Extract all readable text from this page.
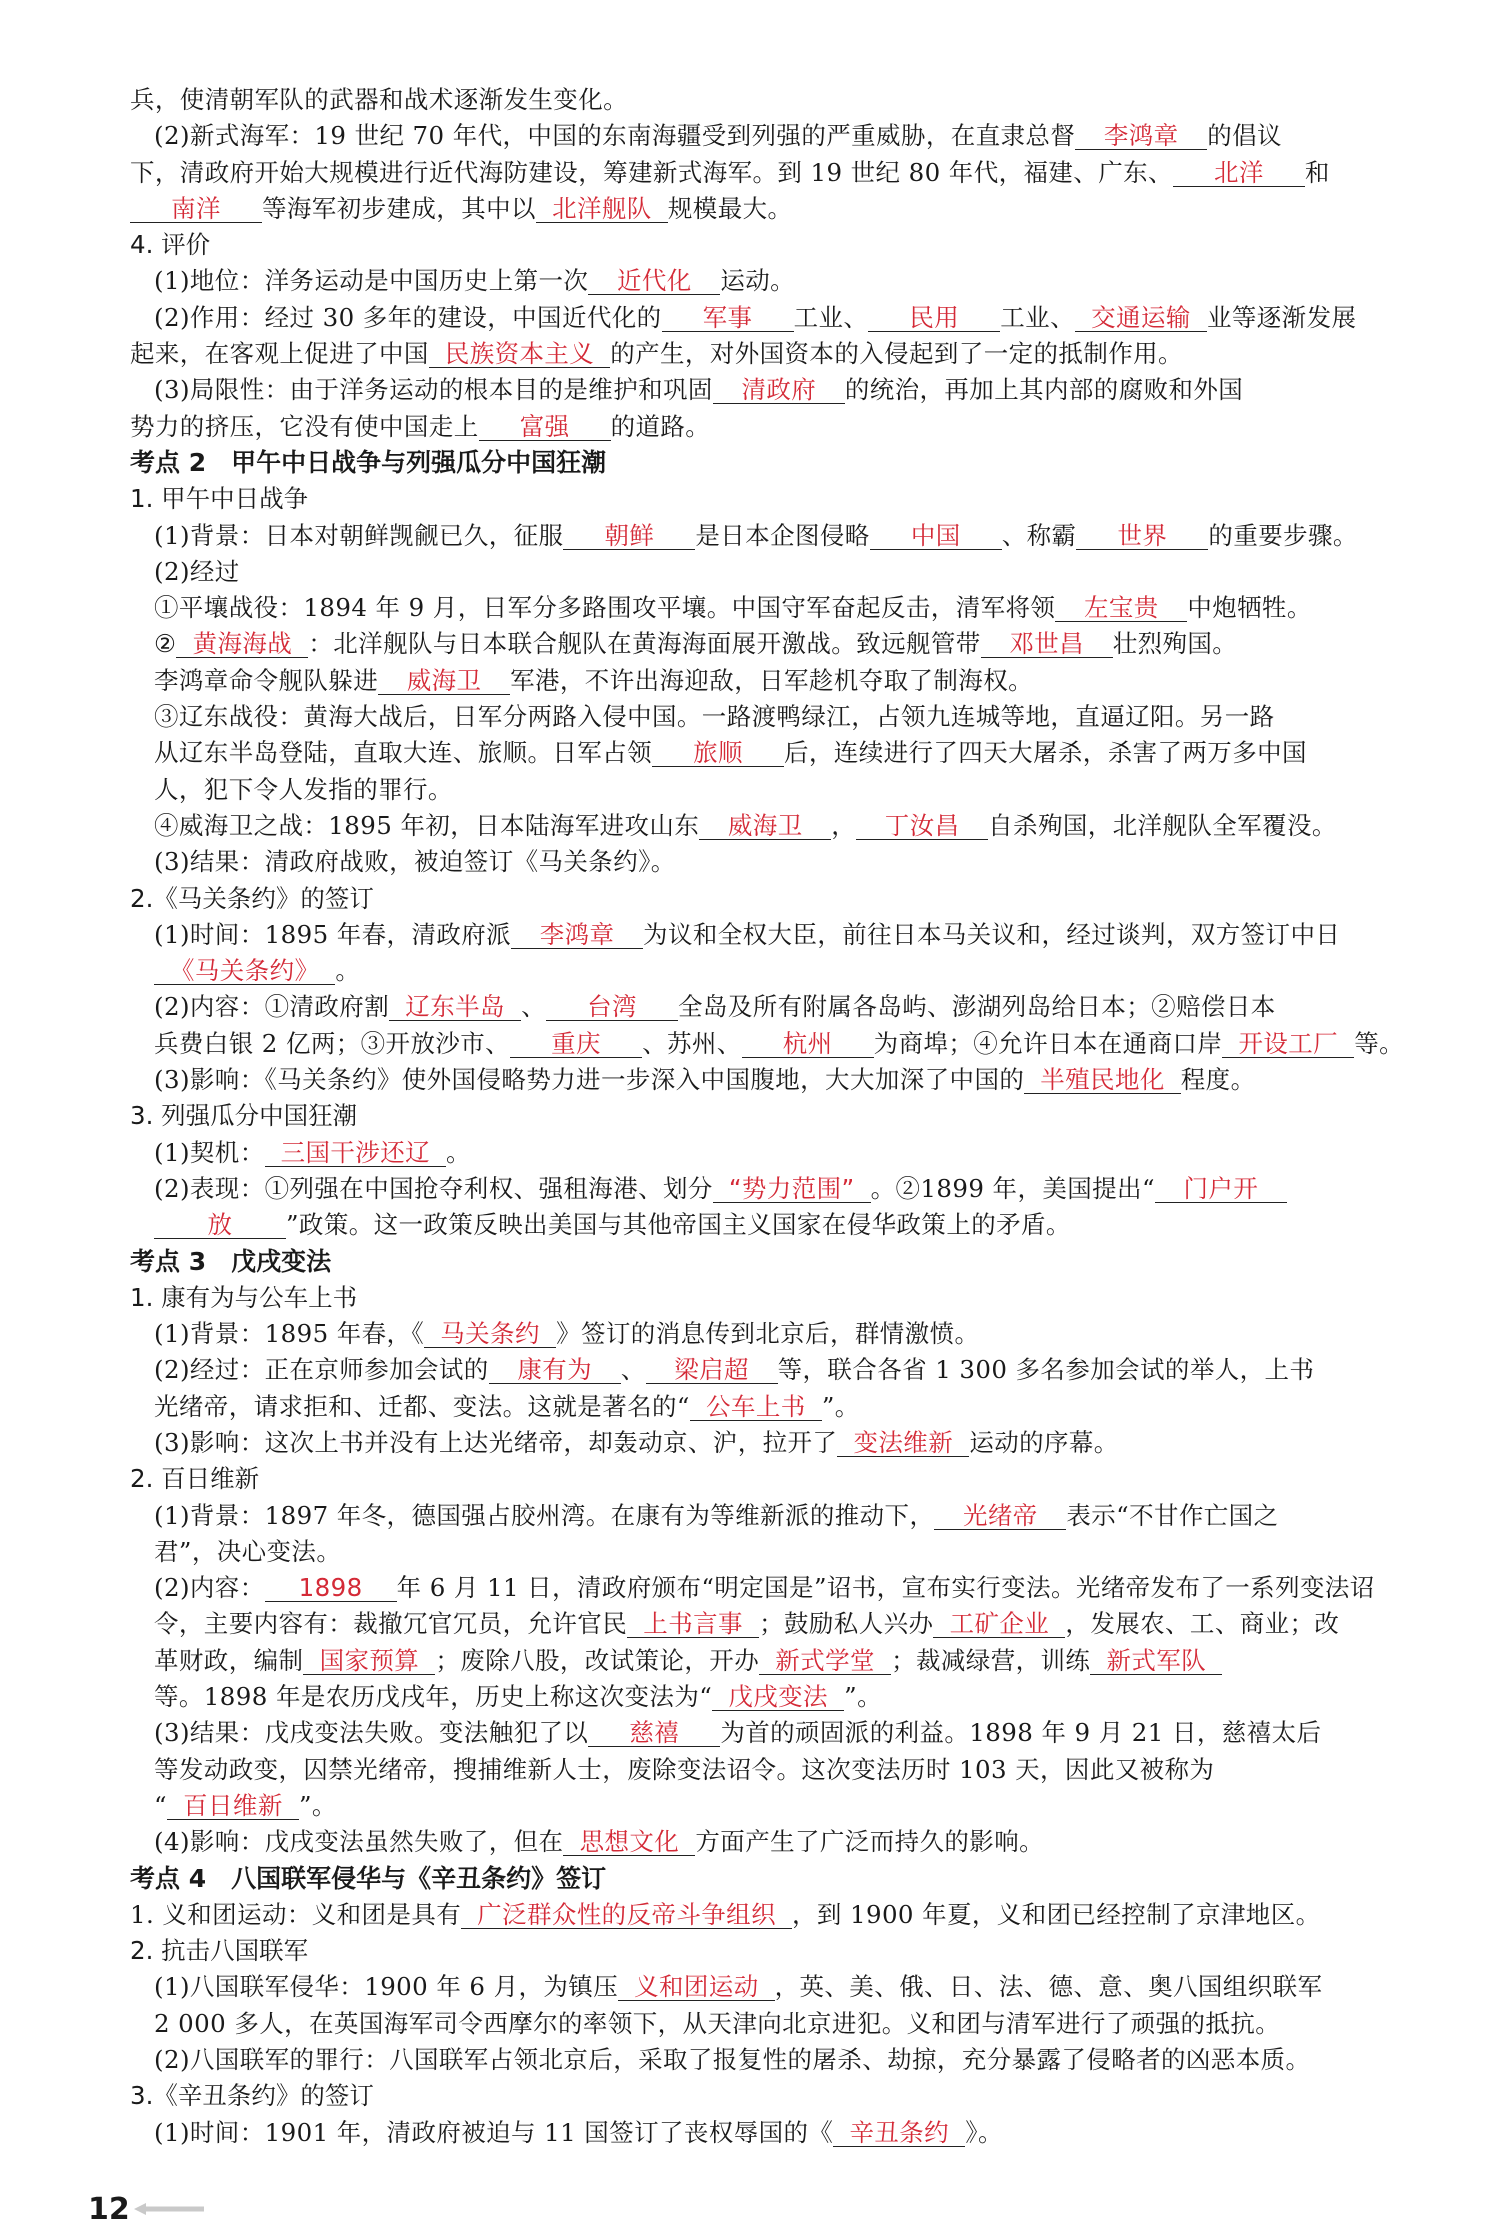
兵，使清朝军队的武器和战术逐渐发生变化。
(2)新式海军：19 世纪 70 年代，中国的东南海疆受到列强的严重威胁，在直隶总督 李鸿章 的倡议
下，清政府开始大规模进行近代海防建设，筹建新式海军。到 19 世纪 80 年代，福建、广东、 北洋 和
南洋 等海军初步建成，其中以 北洋舰队 规模最大。
4. 评价
(1)地位：洋务运动是中国历史上第一次 近代化 运动。
(2)作用：经过 30 多年的建设，中国近代化的 军事 工业、 民用 工业、 交通运输 业等逐渐发展
起来，在客观上促进了中国 民族资本主义 的产生，对外国资本的入侵起到了一定的抵制作用。
(3)局限性：由于洋务运动的根本目的是维护和巩固 清政府 的统治，再加上其内部的腐败和外国
势力的挤压，它没有使中国走上 富强 的道路。
考点 2　甲午中日战争与列强瓜分中国狂潮
1. 甲午中日战争
(1)背景：日本对朝鲜觊觎已久，征服 朝鲜 是日本企图侵略 中国 、称霸 世界 的重要步骤。
(2)经过
①平壤战役：1894 年 9 月，日军分多路围攻平壤。中国守军奋起反击，清军将领 左宝贵 中炮牺牲。
② 黄海海战 ：北洋舰队与日本联合舰队在黄海海面展开激战。致远舰管带 邓世昌 壮烈殉国。
李鸿章命令舰队躲进 威海卫 军港，不许出海迎敌，日军趁机夺取了制海权。
③辽东战役：黄海大战后，日军分两路入侵中国。一路渡鸭绿江，占领九连城等地，直逼辽阳。另一路
从辽东半岛登陆，直取大连、旅顺。日军占领 旅顺 后，连续进行了四天大屠杀，杀害了两万多中国
人，犯下令人发指的罪行。
④威海卫之战：1895 年初，日本陆海军进攻山东 威海卫 ， 丁汝昌 自杀殉国，北洋舰队全军覆没。
(3)结果：清政府战败，被迫签订《马关条约》。
2.《马关条约》的签订
(1)时间：1895 年春，清政府派 李鸿章 为议和全权大臣，前往日本马关议和，经过谈判，双方签订中日
《马关条约》 。
(2)内容：①清政府割 辽东半岛 、 台湾 全岛及所有附属各岛屿、澎湖列岛给日本；②赔偿日本
兵费白银 2 亿两；③开放沙市、 重庆 、苏州、 杭州 为商埠；④允许日本在通商口岸 开设工厂 等。
(3)影响：《马关条约》使外国侵略势力进一步深入中国腹地，大大加深了中国的 半殖民地化 程度。
3. 列强瓜分中国狂潮
(1)契机： 三国干涉还辽 。
(2)表现：①列强在中国抢夺利权、强租海港、划分 “势力范围” 。②1899 年，美国提出“ 门户开
放 ”政策。这一政策反映出美国与其他帝国主义国家在侵华政策上的矛盾。
考点 3　戊戌变法
1. 康有为与公车上书
(1)背景：1895 年春，《 马关条约 》签订的消息传到北京后，群情激愤。
(2)经过：正在京师参加会试的 康有为 、 梁启超 等，联合各省 1 300 多名参加会试的举人，上书
光绪帝，请求拒和、迁都、变法。这就是著名的“ 公车上书 ”。
(3)影响：这次上书并没有上达光绪帝，却轰动京、沪，拉开了 变法维新 运动的序幕。
2. 百日维新
(1)背景：1897 年冬，德国强占胶州湾。在康有为等维新派的推动下， 光绪帝 表示“不甘作亡国之
君”，决心变法。
(2)内容： 1898 年 6 月 11 日，清政府颁布“明定国是”诏书，宣布实行变法。光绪帝发布了一系列变法诏
令，主要内容有：裁撤冗官冗员，允许官民 上书言事 ；鼓励私人兴办 工矿企业 ，发展农、工、商业；改
革财政，编制 国家预算 ；废除八股，改试策论，开办 新式学堂 ；裁减绿营，训练 新式军队
等。1898 年是农历戊戌年，历史上称这次变法为“ 戊戌变法 ”。
(3)结果：戊戌变法失败。变法触犯了以 慈禧 为首的顽固派的利益。1898 年 9 月 21 日，慈禧太后
等发动政变，囚禁光绪帝，搜捕维新人士，废除变法诏令。这次变法历时 103 天，因此又被称为
“ 百日维新 ”。
(4)影响：戊戌变法虽然失败了，但在 思想文化 方面产生了广泛而持久的影响。
考点 4　八国联军侵华与《辛丑条约》签订
1. 义和团运动：义和团是具有 广泛群众性的反帝斗争组织 ，到 1900 年夏，义和团已经控制了京津地区。
2. 抗击八国联军
(1)八国联军侵华：1900 年 6 月，为镇压 义和团运动 ，英、美、俄、日、法、德、意、奥八国组织联军
2 000 多人，在英国海军司令西摩尔的率领下，从天津向北京进犯。义和团与清军进行了顽强的抵抗。
(2)八国联军的罪行：八国联军占领北京后，采取了报复性的屠杀、劫掠，充分暴露了侵略者的凶恶本质。
3.《辛丑条约》的签订
(1)时间：1901 年，清政府被迫与 11 国签订了丧权辱国的《 辛丑条约 》。
12
